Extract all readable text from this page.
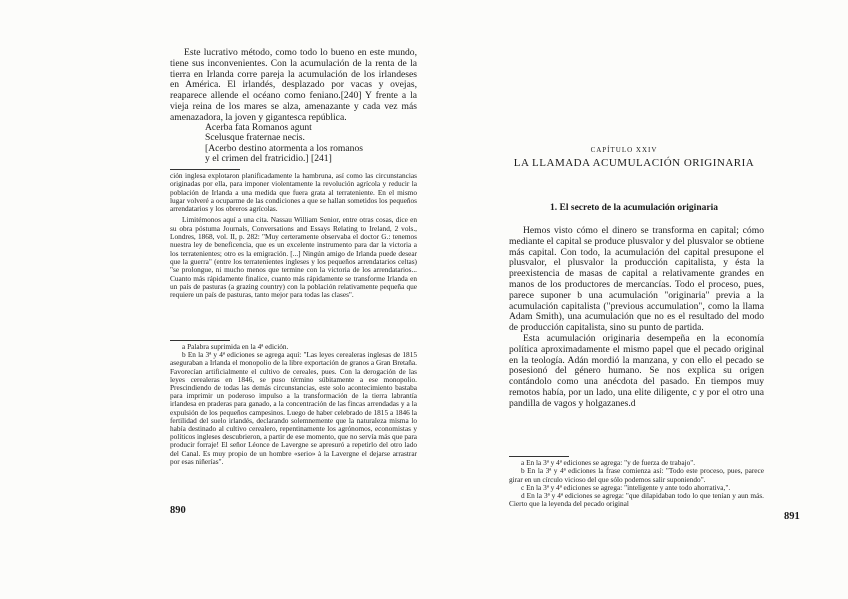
Este lucrativo método, como todo lo bueno en este mundo, tiene sus inconvenientes. Con la acumulación de la renta de la tierra en Irlanda corre pareja la acumulación de los irlandeses en América. El irlandés, desplazado por vacas y ovejas, reaparece allende el océano como feniano.[240] Y frente a la vieja reina de los mares se alza, amenazante y cada vez más amenazadora, la joven y gigantesca república.

Acerba fata Romanos agunt
Scelusque fraternae necis.
[Acerbo destino atormenta a los romanos
y el crimen del fratricidio.] [241]

ción inglesa explotaron planificadamente la hambruna, así como las circunstancias originadas por ella, para imponer violentamente la revolución agrícola y reducir la población de Irlanda a una medida que fuera grata al terrateniente. En el mismo lugar volveré a ocuparme de las condiciones a que se hallan sometidos los pequeños arrendatarios y los obreros agrícolas.

Limitémonos aquí a una cita. Nassau William Senior, entre otras cosas, dice en su obra póstuma Journals, Conversations and Essays Relating to Ireland, 2 vols., Londres, 1868, vol. II, p. 282: "Muy certeramente observaba el doctor G.: tenemos nuestra ley de beneficencia, que es un excelente instrumento para dar la victoria a los terratenientes; otro es la emigración. [...] Ningún amigo de Irlanda puede desear que la guerra" (entre los terratenientes ingleses y los pequeños arrendatarios celtas) "se prolongue, ni mucho menos que termine con la victoria de los arrendatarios... Cuanto más rápidamente finalice, cuanto más rápidamente se transforme Irlanda en un país de pasturas (a grazing country) con la población relativamente pequeña que requiere un país de pasturas, tanto mejor para todas las clases".

a Palabra suprimida en la 4ª edición.

b En la 3ª y 4ª ediciones se agrega aquí: "Las leyes cerealeras inglesas de 1815 aseguraban a Irlanda el monopolio de la libre exportación de granos a Gran Bretaña. Favorecían artificialmente el cultivo de cereales, pues. Con la derogación de las leyes cerealeras en 1846, se puso término súbitamente a ese monopolio. Prescindiendo de todas las demás circunstancias, este solo acontecimiento bastaba para imprimir un poderoso impulso a la transformación de la tierra labrantía irlandesa en praderas para ganado, a la concentración de las fincas arrendadas y a la expulsión de los pequeños campesinos. Luego de haber celebrado de 1815 a 1846 la fertilidad del suelo irlandés, declarando solemnemente que la naturaleza misma lo había destinado al cultivo cerealero, repentinamente los agrónomos, economistas y políticos ingleses descubrieron, a partir de ese momento, que no servía más que para producir forraje! El señor Léonce de Lavergne se apresuró a repetirlo del otro lado del Canal. Es muy propio de un hombre «serio» à la Lavergne el dejarse arrastrar por esas niñerías".

890
CAPÍTULO XXIV
LA LLAMADA ACUMULACIÓN ORIGINARIA
1. El secreto de la acumulación originaria

Hemos visto cómo el dinero se transforma en capital; cómo mediante el capital se produce plusvalor y del plusvalor se obtiene más capital. Con todo, la acumulación del capital presupone el plusvalor, el plusvalor la producción capitalista, y ésta la preexistencia de masas de capital a relativamente grandes en manos de los productores de mercancías. Todo el proceso, pues, parece suponer b una acumulación "originaria" previa a la acumulación capitalista ("previous accumulation", como la llama Adam Smith), una acumulación que no es el resultado del modo de producción capitalista, sino su punto de partida.

Esta acumulación originaria desempeña en la economía política aproximadamente el mismo papel que el pecado original en la teología. Adán mordió la manzana, y con ello el pecado se posesionó del género humano. Se nos explica su origen contándolo como una anécdota del pasado. En tiempos muy remotos había, por un lado, una elite diligente, c y por el otro una pandilla de vagos y holgazanes.d

a En la 3ª y 4ª ediciones se agrega: "y de fuerza de trabajo".

b En la 3ª y 4ª ediciones la frase comienza así: "Todo este proceso, pues, parece girar en un círculo vicioso del que sólo podemos salir suponiendo".

c En la 3ª y 4ª ediciones se agrega: "inteligente y ante todo ahorrativa,".

d En la 3ª y 4ª ediciones se agrega: "que dilapidaban todo lo que tenían y aun más. Cierto que la leyenda del pecado original

891
